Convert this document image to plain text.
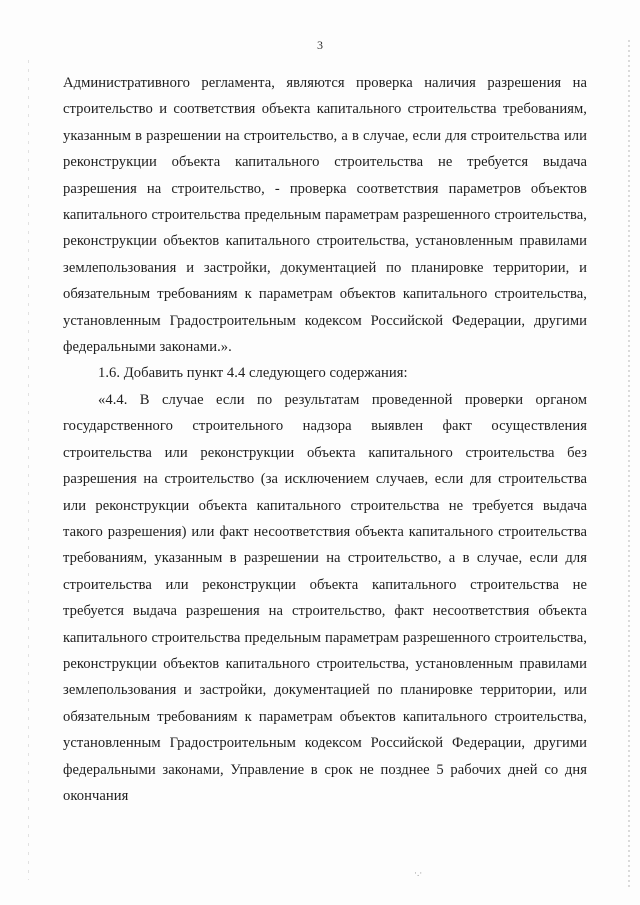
3

Административного регламента, являются проверка наличия разрешения на строительство и соответствия объекта капитального строительства требованиям, указанным в разрешении на строительство, а в случае, если для строительства или реконструкции объекта капитального строительства не требуется выдача разрешения на строительство, - проверка соответствия параметров объектов капитального строительства предельным параметрам разрешенного строительства, реконструкции объектов капитального строительства, установленным правилами землепользования и застройки, документацией по планировке территории, и обязательным требованиям к параметрам объектов капитального строительства, установленным Градостроительным кодексом Российской Федерации, другими федеральными законами.».

1.6. Добавить пункт 4.4 следующего содержания:

«4.4. В случае если по результатам проведенной проверки органом государственного строительного надзора выявлен факт осуществления строительства или реконструкции объекта капитального строительства без разрешения на строительство (за исключением случаев, если для строительства или реконструкции объекта капитального строительства не требуется выдача такого разрешения) или факт несоответствия объекта капитального строительства требованиям, указанным в разрешении на строительство, а в случае, если для строительства или реконструкции объекта капитального строительства не требуется выдача разрешения на строительство, факт несоответствия объекта капитального строительства предельным параметрам разрешенного строительства, реконструкции объектов капитального строительства, установленным правилами землепользования и застройки, документацией по планировке территории, или обязательным требованиям к параметрам объектов капитального строительства, установленным Градостроительным кодексом Российской Федерации, другими федеральными законами, Управление в срок не позднее 5 рабочих дней со дня окончания

·.·
